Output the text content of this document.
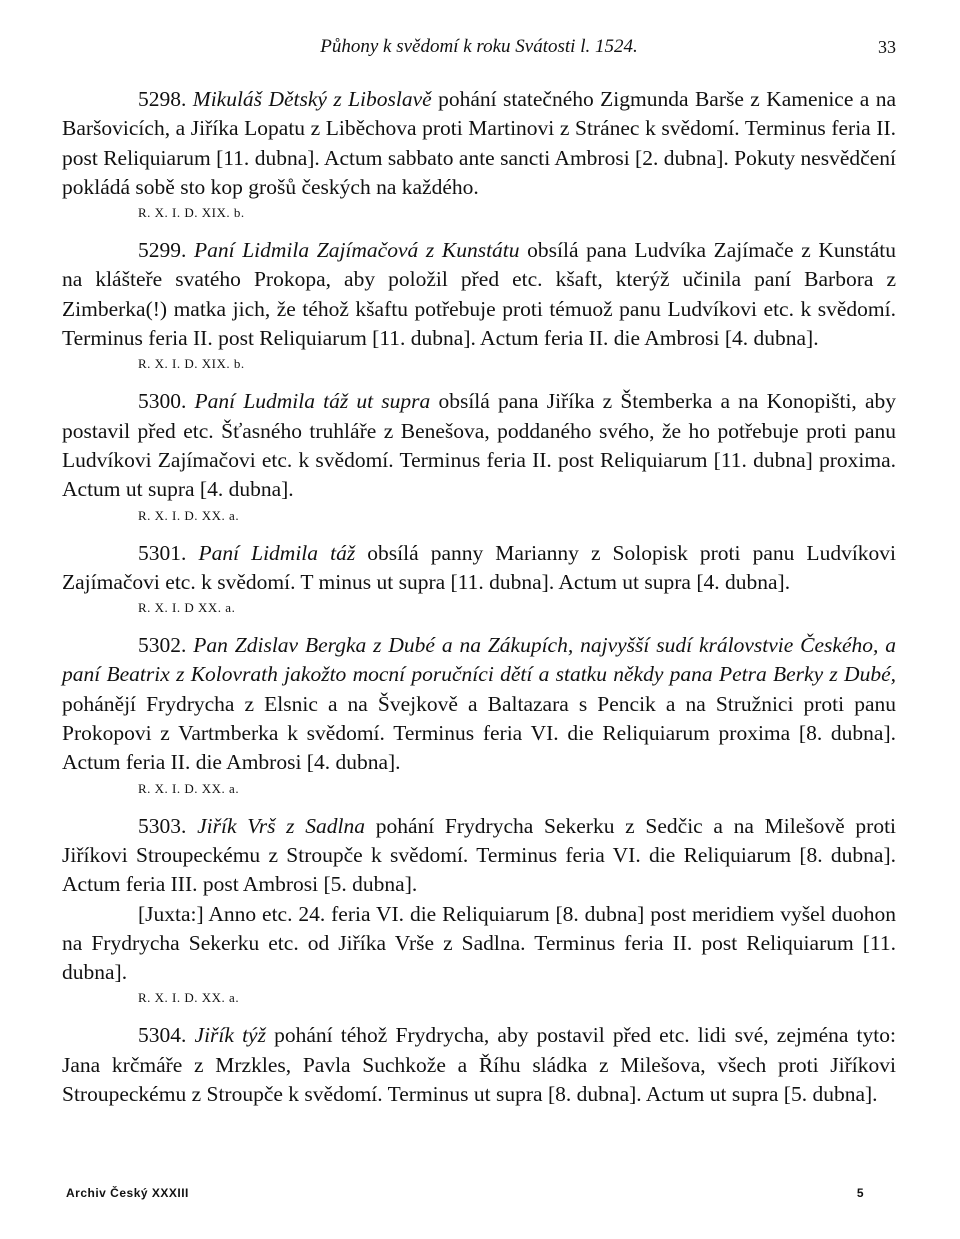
Půhony k svědomí k roku Svátosti l. 1524.	33

5298. Mikuláš Dětský z Liboslavě pohání statečného Zigmunda Barše z Kamenice a na Baršovicích, a Jiříka Lopatu z Liběchova proti Martinovi z Stránec k svědomí. Terminus feria II. post Reliquiarum [11. dubna]. Actum sabbato ante sancti Ambrosi [2. dubna]. Pokuty nesvědčení pokládá sobě sto kop grošů českých na každého.

R. X. I. D. XIX. b.

5299. Paní Lidmila Zajímačová z Kunstátu obsílá pana Ludvíka Zajímače z Kunstátu na klášteře svatého Prokopa, aby položil před etc. kšaft, kterýž učinila paní Barbora z Zimberka(!) matka jich, že téhož kšaftu potřebuje proti témuož panu Ludvíkovi etc. k svědomí. Terminus feria II. post Reliquiarum [11. dubna]. Actum feria II. die Ambrosi [4. dubna].

R. X. I. D. XIX. b.

5300. Paní Ludmila táž ut supra obsílá pana Jiříka z Štemberka a na Konopišti, aby postavil před etc. Šťasného truhláře z Benešova, poddaného svého, že ho potřebuje proti panu Ludvíkovi Zajímačovi etc. k svědomí. Terminus feria II. post Reliquiarum [11. dubna] proxima. Actum ut supra [4. dubna].

R. X. I. D. XX. a.

5301. Paní Lidmila táž obsílá panny Marianny z Solopisk proti panu Ludvíkovi Zajímačovi etc. k svědomí. T minus ut supra [11. dubna]. Actum ut supra [4. dubna].

R. X. I. D XX. a.

5302. Pan Zdislav Bergka z Dubé a na Zákupích, najvyšší sudí královstvie Českého, a paní Beatrix z Kolovrath jakožto mocní poručníci dětí a statku někdy pana Petra Berky z Dubé, pohánějí Frydrycha z Elsnic a na Švejkově a Baltazara s Pencik a na Stružnici proti panu Prokopovi z Vartmberka k svědomí. Terminus feria VI. die Reliquiarum proxima [8. dubna]. Actum feria II. die Ambrosi [4. dubna].

R. X. I. D. XX. a.

5303. Jiřík Vrš z Sadlna pohání Frydrycha Sekerku z Sedčic a na Milešově proti Jiříkovi Stroupeckému z Stroupče k svědomí. Terminus feria VI. die Reliquiarum [8. dubna]. Actum feria III. post Ambrosi [5. dubna].

[Juxta:] Anno etc. 24. feria VI. die Reliquiarum [8. dubna] post meridiem vyšel duohon na Frydrycha Sekerku etc. od Jiříka Vrše z Sadlna. Terminus feria II. post Reliquiarum [11. dubna].

R. X. I. D. XX. a.

5304. Jiřík týž pohání téhož Frydrycha, aby postavil před etc. lidi své, zejména tyto: Jana krčmáře z Mrzkles, Pavla Suchkože a Říhu sládka z Milešova, všech proti Jiříkovi Stroupeckému z Stroupče k svědomí. Terminus ut supra [8. dubna]. Actum ut supra [5. dubna].

Archiv Český XXXIII	5
